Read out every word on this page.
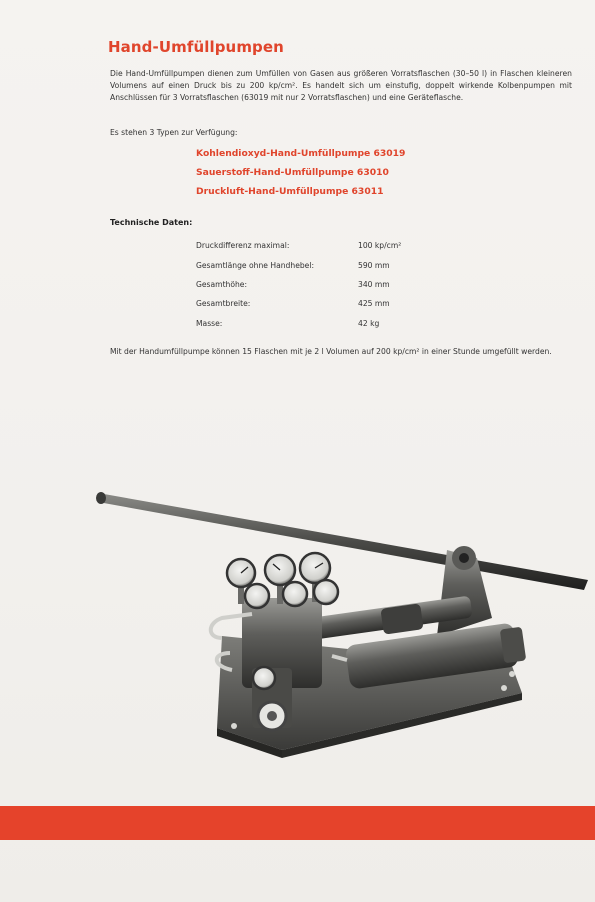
Hand-Umfüllpumpen

Die Hand-Umfüllpumpen dienen zum Umfüllen von Gasen aus größeren Vorratsflaschen (30–50 l) in Flaschen kleineren Volumens auf einen Druck bis zu 200 kp/cm². Es handelt sich um einstufig, doppelt wirkende Kolbenpumpen mit Anschlüssen für 3 Vorratsflaschen (63019 mit nur 2 Vorratsflaschen) und eine Geräteflasche.

Es stehen 3 Typen zur Verfügung:

Kohlendioxyd-Hand-Umfüllpumpe 63019
Sauerstoff-Hand-Umfüllpumpe 63010
Druckluft-Hand-Umfüllpumpe 63011
Technische Daten:
Druckdifferenz maximal:	100 kp/cm²
Gesamtlänge ohne Handhebel:	590 mm
Gesamthöhe:	340 mm
Gesamtbreite:	425 mm
Masse:	42 kg

Mit der Handumfüllpumpe können 15 Flaschen mit je 2 l Volumen auf 200 kp/cm² in einer Stunde umgefüllt werden.
